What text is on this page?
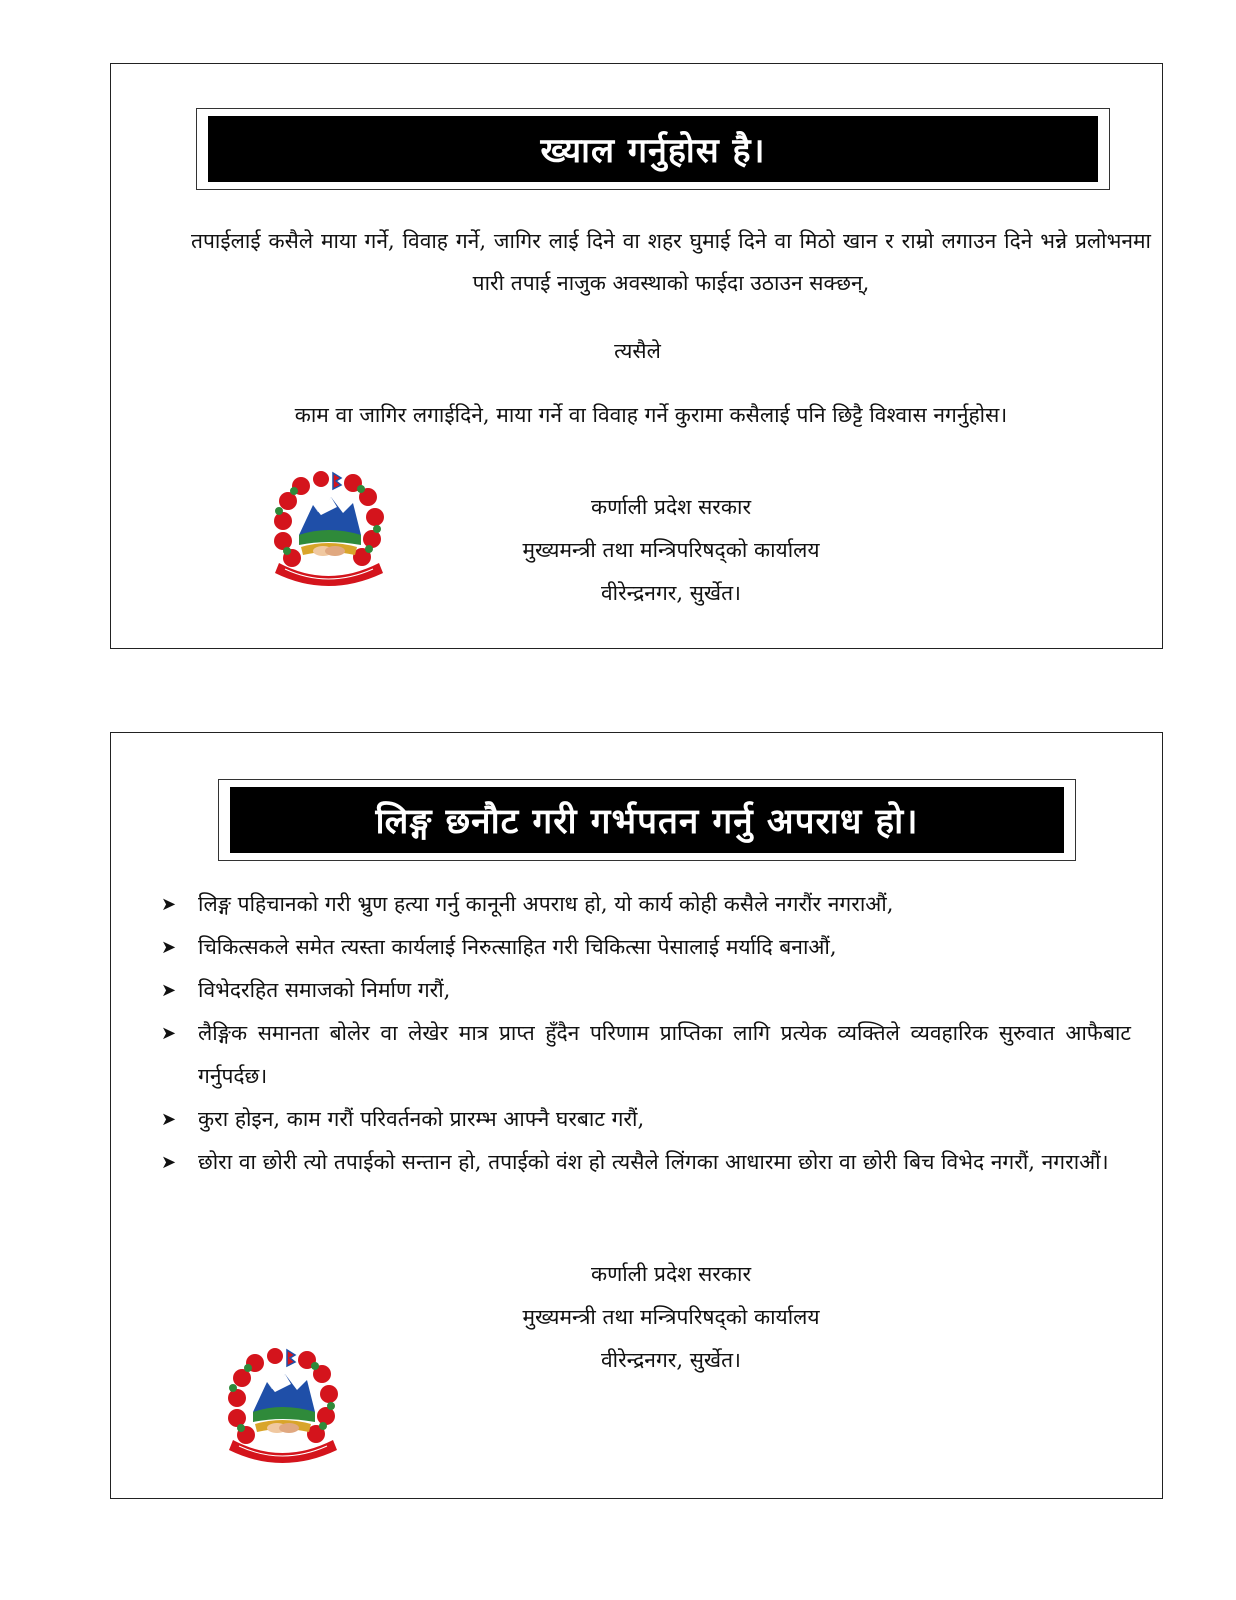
ख्याल गर्नुहोस है।
तपाईलाई कसैले माया गर्ने, विवाह गर्ने, जागिर लाई दिने वा शहर घुमाई दिने वा मिठो खान र राम्रो लगाउन दिने भन्ने प्रलोभनमा पारी तपाई नाजुक अवस्थाको फाईदा उठाउन सक्छन्,
त्यसैले
काम वा जागिर लगाईदिने, माया गर्ने वा विवाह गर्ने कुरामा कसैलाई पनि छिट्टै विश्वास नगर्नुहोस।
कर्णाली प्रदेश सरकार
मुख्यमन्त्री तथा मन्त्रिपरिषद्को कार्यालय
वीरेन्द्रनगर, सुर्खेत।
लिङ्ग छनौट गरी गर्भपतन गर्नु अपराध हो।
➤ लिङ्ग पहिचानको गरी भ्रुण हत्या गर्नु कानूनी अपराध हो, यो कार्य कोही कसैले नगरौंर नगराऔं,
➤ चिकित्सकले समेत त्यस्ता कार्यलाई निरुत्साहित गरी चिकित्सा पेसालाई मर्यादि बनाऔं,
➤ विभेदरहित समाजको निर्माण गरौं,
➤ लैङ्गिक समानता बोलेर वा लेखेर मात्र प्राप्त हुँदैन परिणाम प्राप्तिका लागि प्रत्येक व्यक्तिले व्यवहारिक सुरुवात आफैबाट गर्नुपर्दछ।
➤ कुरा होइन, काम गरौं परिवर्तनको प्रारम्भ आफ्नै घरबाट गरौं,
➤ छोरा वा छोरी त्यो तपाईको सन्तान हो, तपाईको वंश हो त्यसैले लिंगका आधारमा छोरा वा छोरी बिच विभेद नगरौं, नगराऔं।
कर्णाली प्रदेश सरकार
मुख्यमन्त्री तथा मन्त्रिपरिषद्को कार्यालय
वीरेन्द्रनगर, सुर्खेत।
